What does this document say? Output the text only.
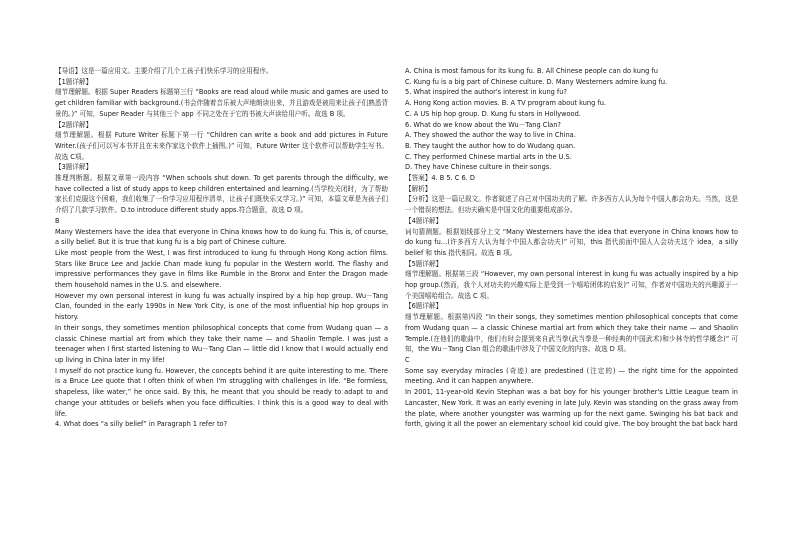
【导语】这是一篇应用文。主要介绍了几个工孩子们快乐学习的应用程序。

【1题详解】

细节理解题。根据 Super Readers 标题第三行 “Books are read aloud while music and games are used to get children familiar with background.(书会伴随着音乐被大声地朗读出来，并且游戏是被用来让孩子们熟悉背景的。)” 可知，Super Reader 与其他三个 app 不同之处在于它的书被大声读给用户听。故选 B 项。

【2题详解】

细节理解题。根据 Future Writer 标题下第一行 “Children can write a book and add pictures in Future Writer.(孩子们可以写本书并且在未来作家这个软件上插图。)” 可知，Future Writer 这个软件可以帮助学生写书。故选 C项。

【3题详解】

推理判断题。根据文章第一段内容 “When schools shut down. To get parents through the difficulty, we have collected a list of study apps to keep children entertained and learning.(当学校关闭时，为了帮助家长们克服这个困难，我们收集了一份学习应用程序清单，让孩子们既快乐又学习。)” 可知，本篇文章是为孩子们介绍了几款学习软件。D.to introduce different study apps.符合题意，故选 D 项。

B

Many Westerners have the idea that everyone in China knows how to do kung fu. This is, of course, a silly belief. But it is true that kung fu is a big part of Chinese culture.

Like most people from the West, I was first introduced to kung fu through Hong Kong action films. Stars like Bruce Lee and Jackie Chan made kung fu popular in the Western world. The flashy and impressive performances they gave in films like Rumble in the Bronx and Enter the Dragon made them household names in the U.S. and elsewhere.

However my own personal interest in kung fu was actually inspired by a hip hop group. Wu－Tang Clan, founded in the early 1990s in New York City, is one of the most influential hip hop groups in history.

In their songs, they sometimes mention philosophical concepts that come from Wudang quan — a classic Chinese martial art from which they take their name — and Shaolin Temple. I was just a teenager when I first started listening to Wu－Tang Clan — little did I know that I would actually end up living in China later in my life!

I myself do not practice kung fu. However, the concepts behind it are quite interesting to me. There is a Bruce Lee quote that I often think of when I'm struggling with challenges in life. “Be formless, shapeless, like water,” he once said. By this, he meant that you should be ready to adapt to and change your attitudes or beliefs when you face difficulties. I think this is a good way to deal with life.

4. What does “a silly belief” in Paragraph 1 refer to?

A. China is most famous for its kung fu. B. All Chinese people can do kung fu

C. Kung fu is a big part of Chinese culture. D. Many Westerners admire kung fu.

5. What inspired the author's interest in kung fu?

A. Hong Kong action movies. B. A TV program about kung fu.

C. A US hip hop group. D. Kung fu stars in Hollywood.

6. What do we know about the Wu－Tang Clan?

A. They showed the author the way to live in China.

B. They taught the author how to do Wudang quan.

C. They performed Chinese martial arts in the U.S.

D. They have Chinese culture in their songs.

【答案】4. B 5. C 6. D

【解析】

【分析】这是一篇记叙文。作者叙述了自己对中国功夫的了解。许多西方人认为每个中国人都会功夫。当然，这是一个错误的想法。但功夫确实是中国文化的重要组成部分。

【4题详解】

词句猜测题。根据划线部分上文 “Many Westerners have the idea that everyone in China knows how to do kung fu…(许多西方人认为每个中国人都会功夫)” 可知，this 指代前面中国人人会功夫这个 idea，a silly belief 和 this 指代相同。故选 B 项。

【5题详解】

细节理解题。根据第三段 “However, my own personal interest in kung fu was actually inspired by a hip hop group.(然而，我个人对功夫的兴趣实际上是受到一个嘻哈团体的启发)” 可知，作者对中国功夫的兴趣源于一个美国嘻哈组合。故选 C 项。

【6题详解】

细节理解题。根据第四段 “In their songs, they sometimes mention philosophical concepts that come from Wudang quan — a classic Chinese martial art from which they take their name — and Shaolin Temple.(在他们的歌曲中，他们有时会提到来自武当拳(武当拳是一种经典的中国武术)和少林寺的哲学概念)” 可知，the Wu－Tang Clan 组合的歌曲中涉及了中国文化的内容。故选 D 项。

C

Some say everyday miracles (奇迹) are predestined (注定的) — the right time for the appointed meeting. And it can happen anywhere.

In 2001, 11-year-old Kevin Stephan was a bat boy for his younger brother's Little League team in Lancaster, New York. It was an early evening in late July. Kevin was standing on the grass away from the plate, where another youngster was warming up for the next game. Swinging his bat back and forth, giving it all the power an elementary school kid could give. The boy brought the bat back hard
